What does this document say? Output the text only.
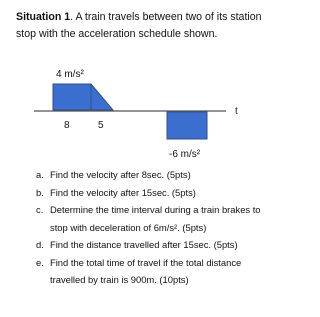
Situation 1. A train travels between two of its station stop with the acceleration schedule shown.
t
4 m/s²
-6 m/s²
8	5
a. Find the velocity after 8sec. (5pts)
b. Find the velocity after 15sec. (5pts)
c. Determine the time interval during a train brakes to stop with deceleration of 6m/s². (5pts)
d. Find the distance travelled after 15sec. (5pts)
e. Find the total time of travel if the total distance travelled by train is 900m. (10pts)
